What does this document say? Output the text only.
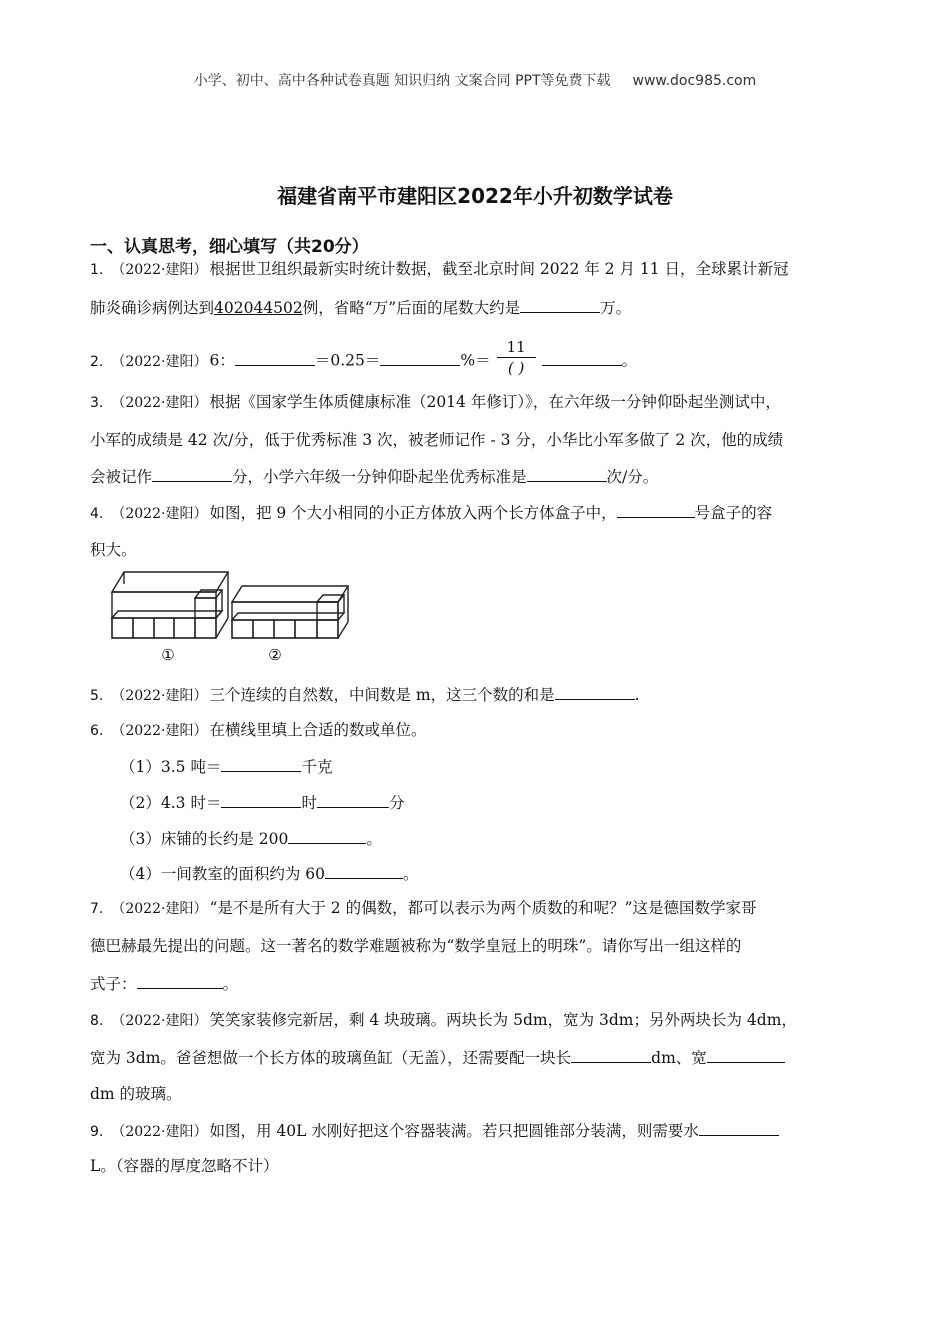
小学、初中、高中各种试卷真题 知识归纳 文案合同 PPT等免费下载 www.doc985.com
福建省南平市建阳区2022年小升初数学试卷
一、认真思考，细心填写（共20分）
1. （2022·建阳） 根据世卫组织最新实时统计数据，截至北京时间 2022 年 2 月 11 日，全球累计新冠
肺炎确诊病例达到402044502例，省略“万”后面的尾数大约是	万。
2. （2022·建阳） 6：	＝0.25＝	%＝ $\frac{11}{( )}$	。
3. （2022·建阳） 根据《国家学生体质健康标准（2014 年修订）》，在六年级一分钟仰卧起坐测试中，
小军的成绩是 42 次/分，低于优秀标准 3 次，被老师记作 - 3 分，小华比小军多做了 2 次，他的成绩
会被记作	分，小学六年级一分钟仰卧起坐优秀标准是	次/分。
4. （2022·建阳） 如图，把 9 个大小相同的小正方体放入两个长方体盒子中，	号盒子的容
积大。
①	②
5. （2022·建阳） 三个连续的自然数，中间数是 m，这三个数的和是	.
6. （2022·建阳） 在横线里填上合适的数或单位。
（1）3.5 吨＝	千克
（2）4.3 时＝	时	分
（3）床铺的长约是 200	。
（4）一间教室的面积约为 60	。
7. （2022·建阳） “是不是所有大于 2 的偶数，都可以表示为两个质数的和呢？”这是德国数学家哥
德巴赫最先提出的问题。这一著名的数学难题被称为“数学皇冠上的明珠”。请你写出一组这样的
式子：	。
8. （2022·建阳） 笑笑家装修完新居，剩 4 块玻璃。两块长为 5dm，宽为 3dm；另外两块长为 4dm，
宽为 3dm。爸爸想做一个长方体的玻璃鱼缸（无盖），还需要配一块长	dm、宽
dm 的玻璃。
9. （2022·建阳） 如图，用 40L 水刚好把这个容器装满。若只把圆锥部分装满，则需要水
L。（容器的厚度忽略不计）
